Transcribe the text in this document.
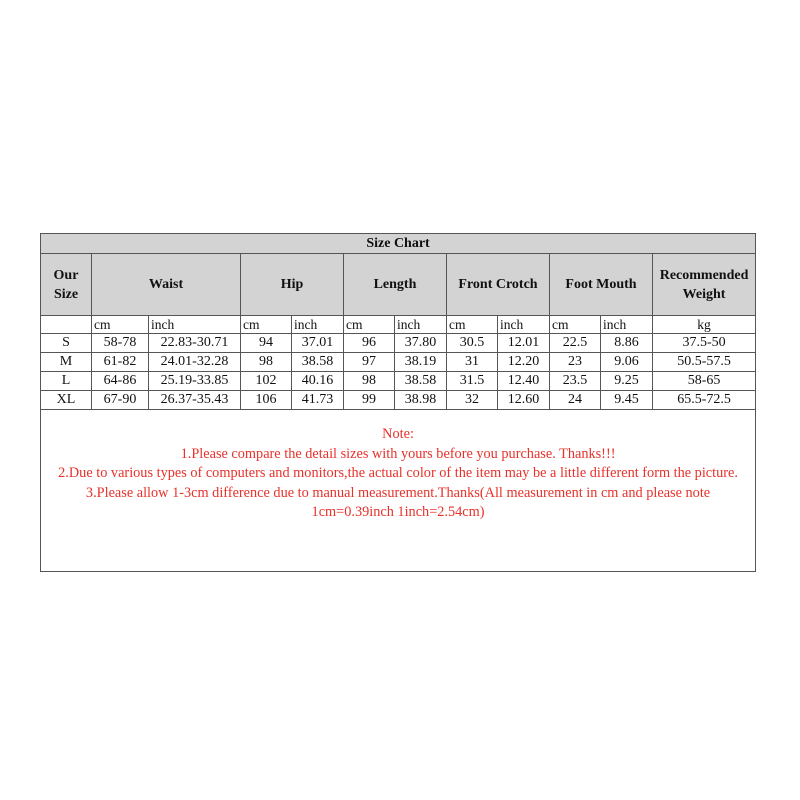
Size Chart											
Our Size	Waist		Hip		Length		Front Crotch		Foot Mouth		Recommended Weight
	cm	inch	cm	inch	cm	inch	cm	inch	cm	inch	kg
S	58-78	22.83-30.71	94	37.01	96	37.80	30.5	12.01	22.5	8.86	37.5-50
M	61-82	24.01-32.28	98	38.58	97	38.19	31	12.20	23	9.06	50.5-57.5
L	64-86	25.19-33.85	102	40.16	98	38.58	31.5	12.40	23.5	9.25	58-65
XL	67-90	26.37-35.43	106	41.73	99	38.98	32	12.60	24	9.45	65.5-72.5

Note:
1.Please compare the detail sizes with yours before you purchase. Thanks!!!
2.Due to various types of computers and monitors,the actual color of the item may be a little different form the picture.
3.Please allow 1-3cm difference due to manual measurement.Thanks(All measurement in cm and please note 1cm=0.39inch 1inch=2.54cm)											
